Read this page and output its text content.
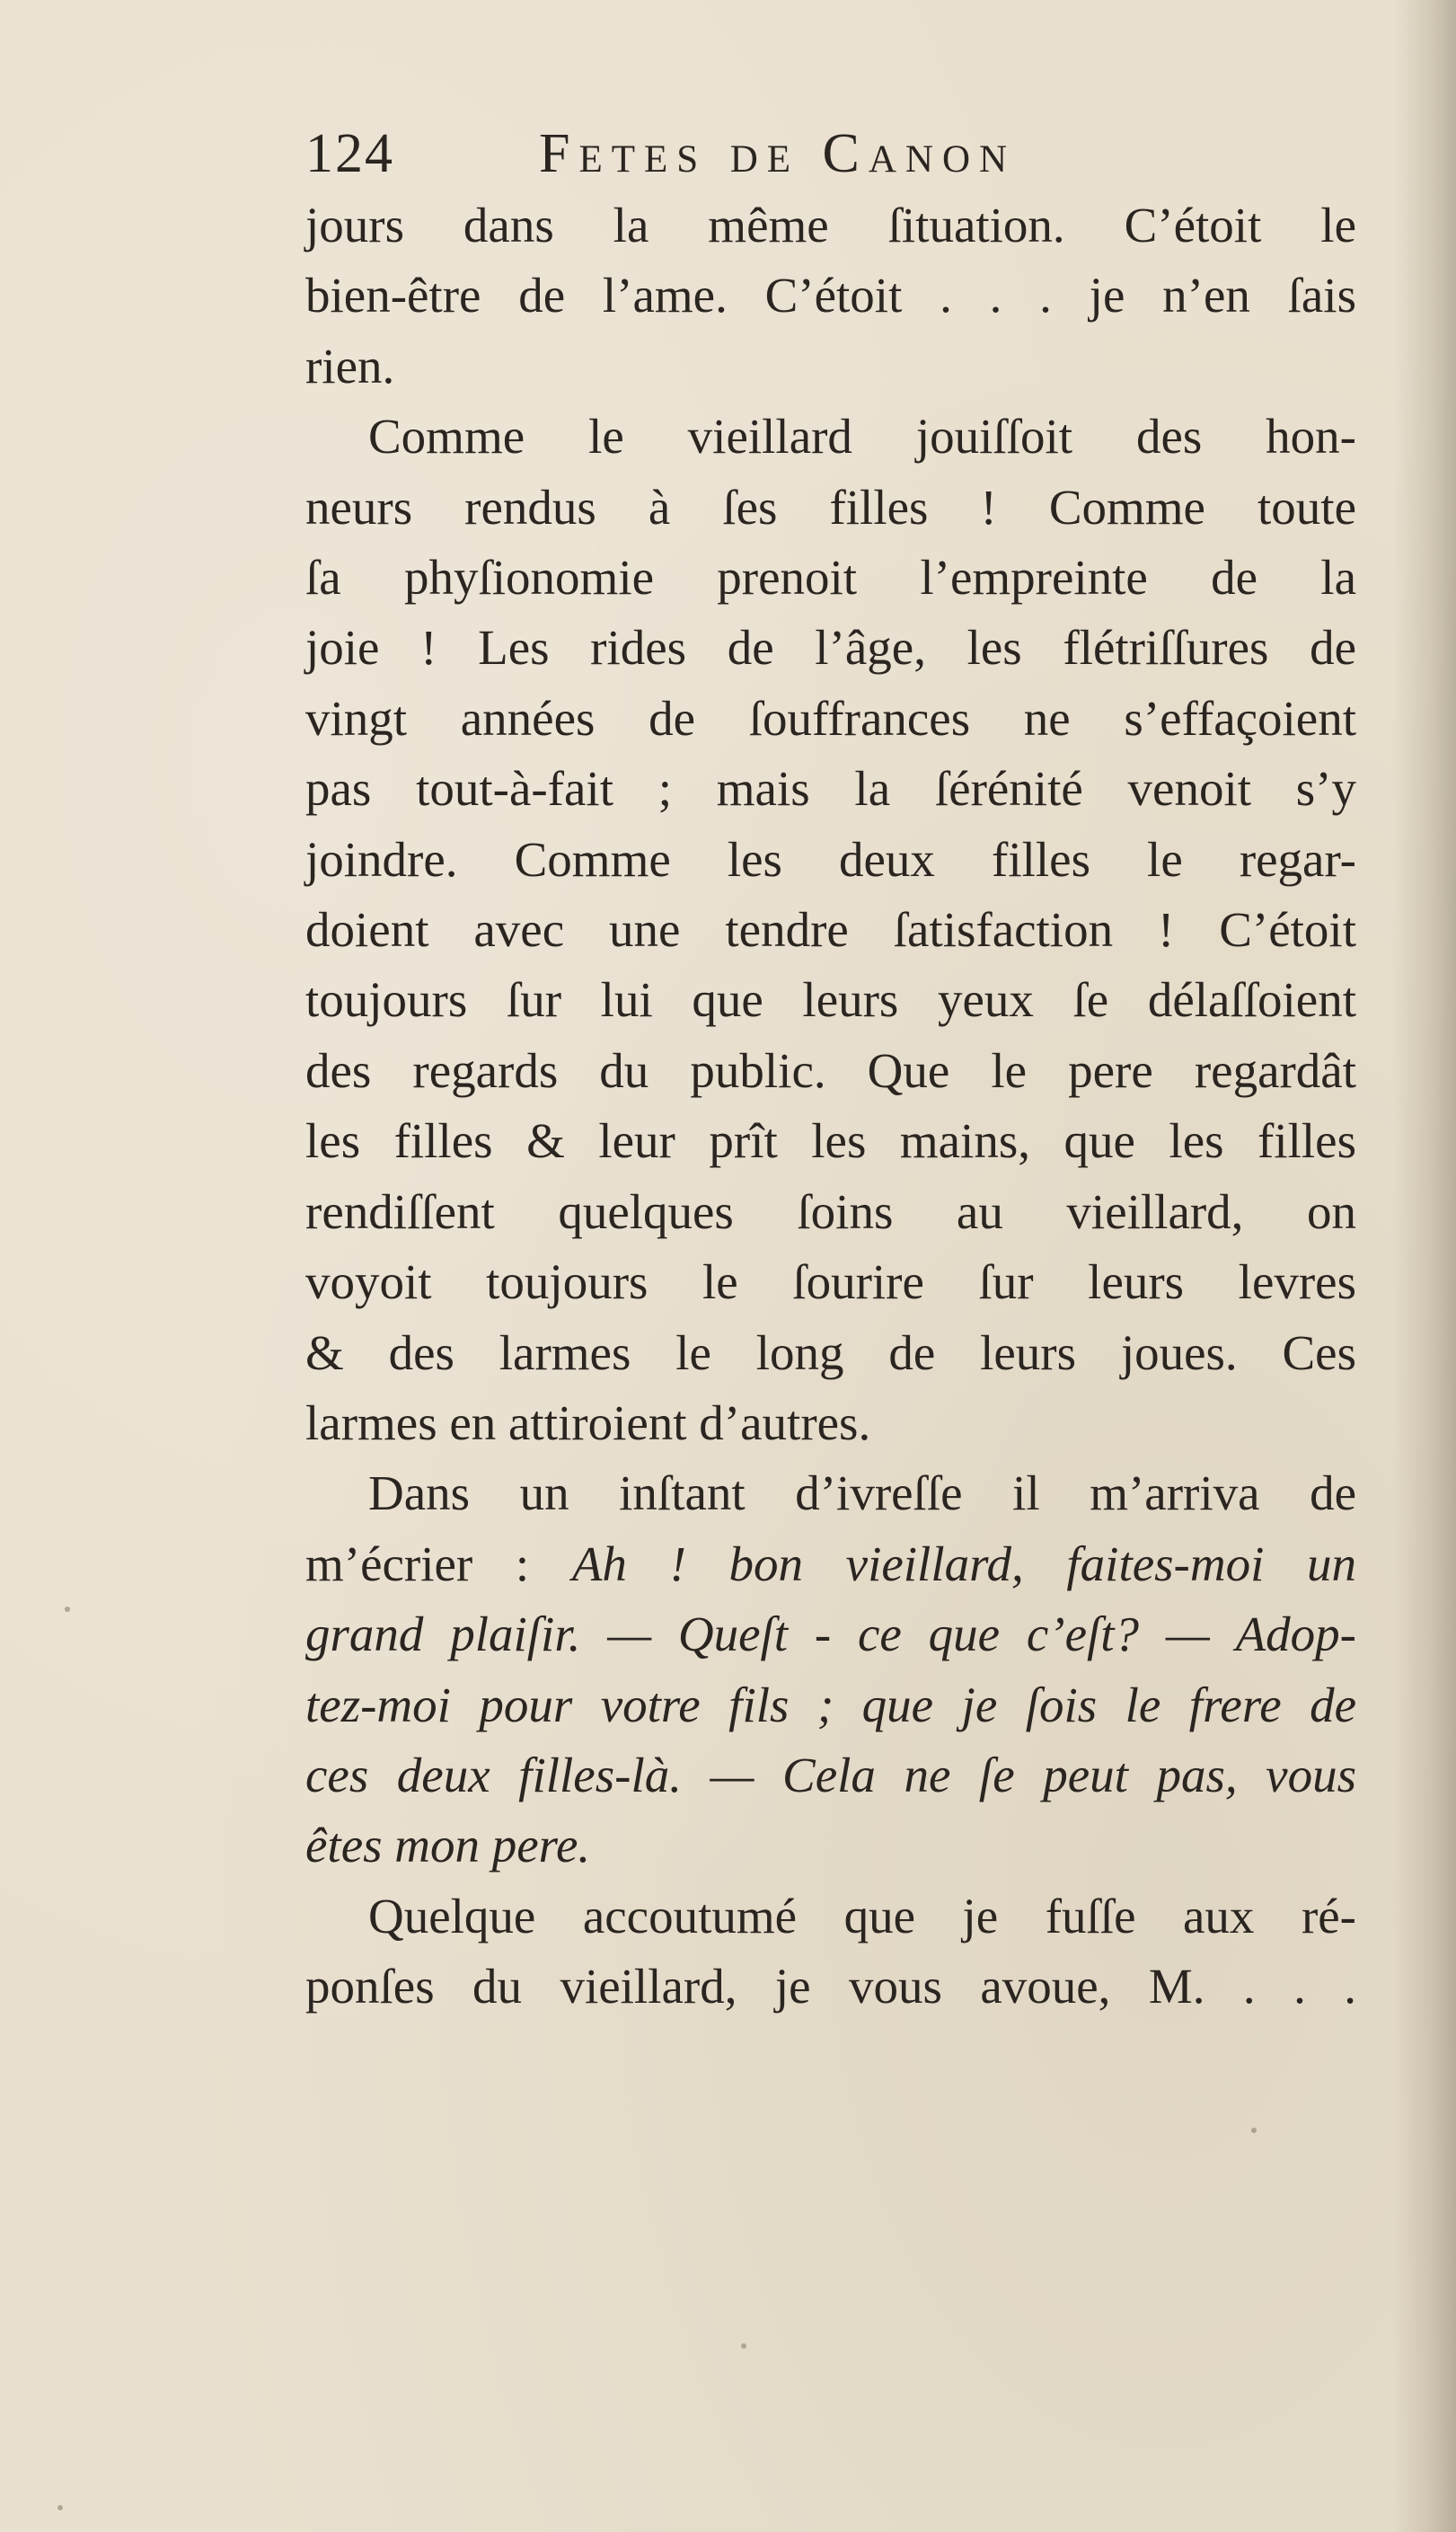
124	Fetes de Canon
jours dans la même ſituation. C’étoit le
bien-être de l’ame. C’étoit . . . je n’en ſais
rien.
Comme le vieillard jouiſſoit des hon-
neurs rendus à ſes filles ! Comme toute
ſa phyſionomie prenoit l’empreinte de la
joie ! Les rides de l’âge, les flétriſſures de
vingt années de ſouffrances ne s’effaçoient
pas tout-à-fait ; mais la ſérénité venoit s’y
joindre. Comme les deux filles le regar-
doient avec une tendre ſatisfaction ! C’étoit
toujours ſur lui que leurs yeux ſe délaſſoient
des regards du public. Que le pere regardât
les filles & leur prît les mains, que les filles
rendiſſent quelques ſoins au vieillard, on
voyoit toujours le ſourire ſur leurs levres
& des larmes le long de leurs joues. Ces
larmes en attiroient d’autres.
Dans un inſtant d’ivreſſe il m’arriva de
m’écrier : Ah ! bon vieillard, faites-moi un
grand plaiſir. — Queſt - ce que c’eſt? — Adop-
tez-moi pour votre fils ; que je ſois le frere de
ces deux filles-là. — Cela ne ſe peut pas, vous
êtes mon pere.
Quelque accoutumé que je fuſſe aux ré-
ponſes du vieillard, je vous avoue, M. . . .
